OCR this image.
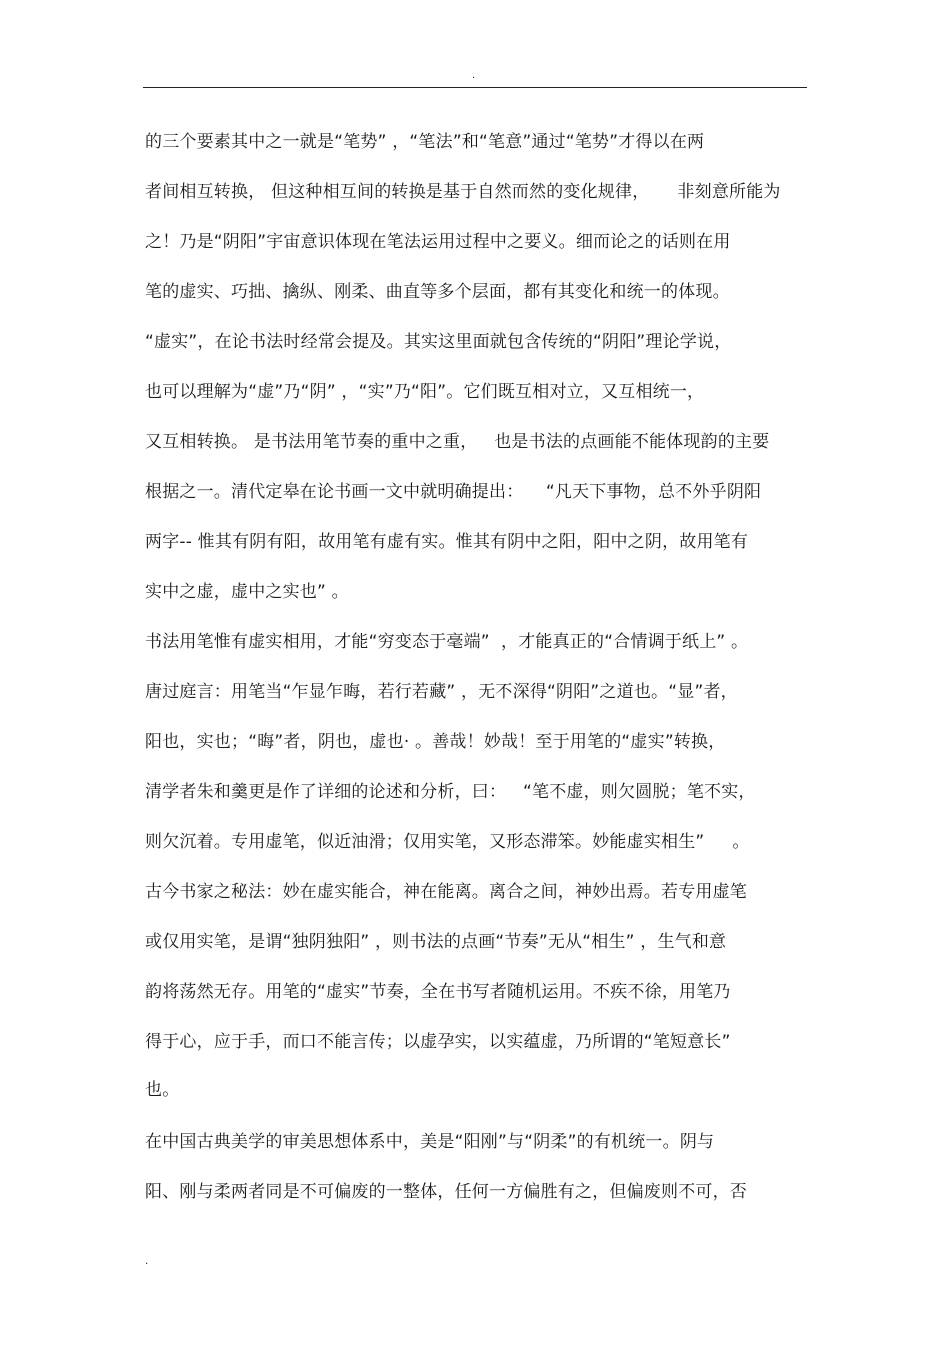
.
的三个要素其中之一就是“笔势” ，“笔法”和“笔意”通过“笔势”才得以在两
者间相互转换， 但这种相互间的转换是基于自然而然的变化规律，     非刻意所能为
之！乃是“阴阳”宇宙意识体现在笔法运用过程中之要义。细而论之的话则在用
笔的虚实、巧拙、擒纵、刚柔、曲直等多个层面，都有其变化和统一的体现。
“虚实”，在论书法时经常会提及。其实这里面就包含传统的“阴阳”理论学说，
也可以理解为“虚”乃“阴” ，“实”乃“阳”。它们既互相对立，又互相统一，
又互相转换。 是书法用笔节奏的重中之重，   也是书法的点画能不能体现韵的主要
根据之一。清代定皋在论书画一文中就明确提出：    “凡天下事物，总不外乎阴阳
两字-- 惟其有阴有阳，故用笔有虚有实。惟其有阴中之阳，阳中之阴，故用笔有
实中之虚，虚中之实也” 。
书法用笔惟有虚实相用，才能“穷变态于毫端”  ，才能真正的“合情调于纸上” 。
唐过庭言：用笔当“乍显乍晦，若行若藏” ，无不深得“阴阳”之道也。“显”者，
阳也，实也；“晦”者，阴也，虚也· 。善哉！妙哉！至于用笔的“虚实”转换，
清学者朱和羹更是作了详细的论述和分析，曰：   “笔不虚，则欠圆脱；笔不实，
则欠沉着。专用虚笔，似近油滑；仅用实笔，又形态滞笨。妙能虚实相生”     。
古今书家之秘法：妙在虚实能合，神在能离。离合之间，神妙出焉。若专用虚笔
或仅用实笔，是谓“独阴独阳” ，则书法的点画“节奏”无从“相生” ，生气和意
韵将荡然无存。用笔的“虚实”节奏，全在书写者随机运用。不疾不徐，用笔乃
得于心，应于手，而口不能言传；以虚孕实，以实蕴虚，乃所谓的“笔短意长”
也。
在中国古典美学的审美思想体系中，美是“阳刚”与“阴柔”的有机统一。阴与
阳、刚与柔两者同是不可偏废的一整体，任何一方偏胜有之，但偏废则不可，否
.
